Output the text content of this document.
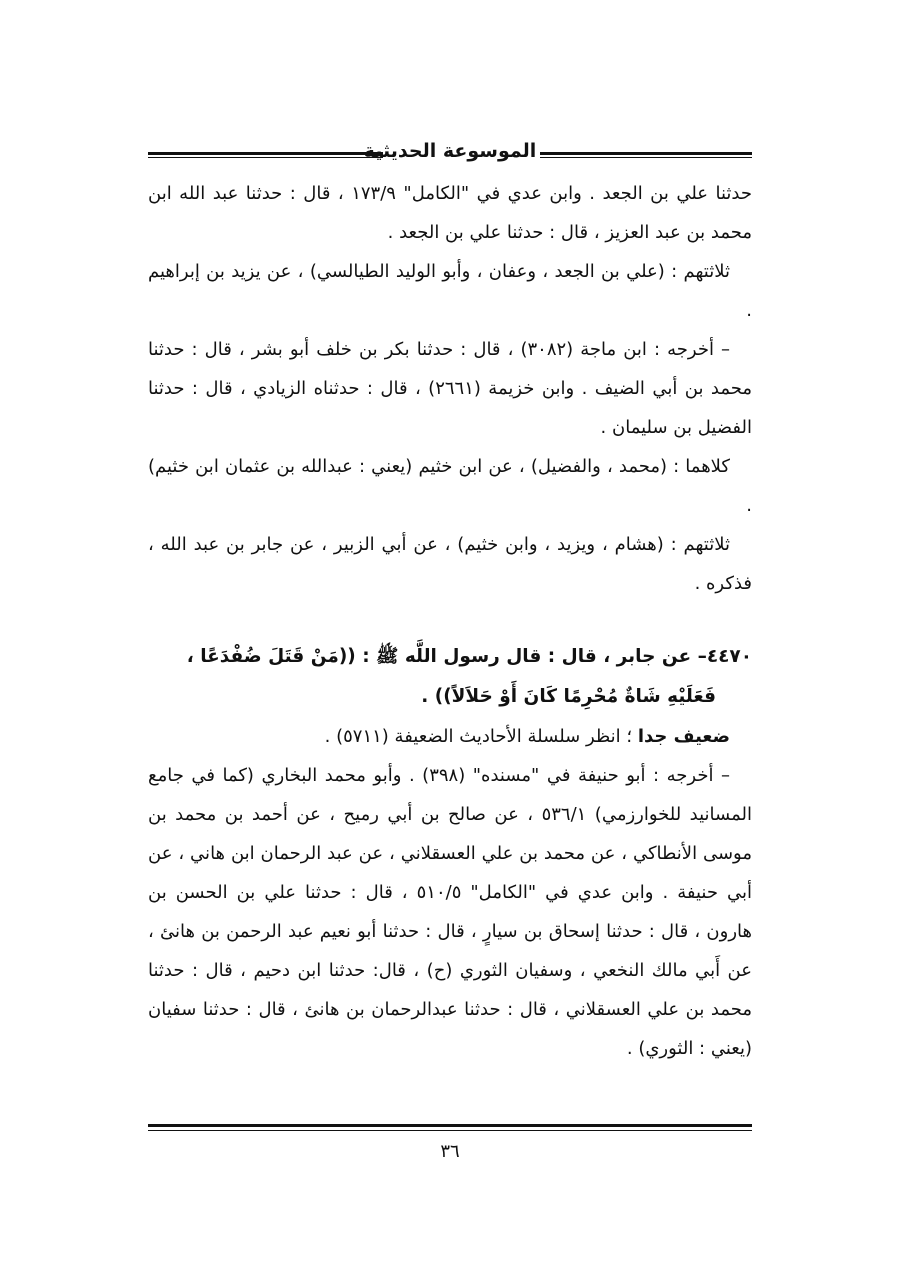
الموسوعة الحديثية

حدثنا علي بن الجعد . وابن عدي في "الكامل" ١٧٣/٩ ، قال : حدثنا عبد الله ابن محمد بن عبد العزيز ، قال : حدثنا علي بن الجعد .

ثلاثتهم : (علي بن الجعد ، وعفان ، وأبو الوليد الطيالسي) ، عن يزيد بن إبراهيم .

– أخرجه : ابن ماجة (٣٠٨٢) ، قال : حدثنا بكر بن خلف أبو بشر ، قال : حدثنا محمد بن أبي الضيف . وابن خزيمة (٢٦٦١) ، قال : حدثناه الزيادي ، قال : حدثنا الفضيل بن سليمان .

كلاهما : (محمد ، والفضيل) ، عن ابن خثيم (يعني : عبدالله بن عثمان ابن خثيم) .

ثلاثتهم : (هشام ، ويزيد ، وابن خثيم) ، عن أبي الزبير ، عن جابر بن عبد الله ، فذكره .

٤٤٧٠– عن جابر ، قال : قال رسول اللَّه ﷺ : ((مَنْ قَتَلَ ضُفْدَعًا ،

فَعَلَيْهِ شَاةٌ مُحْرِمًا كَانَ أَوْ حَلاَلاً)) .

ضعيف جدا ؛ انظر سلسلة الأحاديث الضعيفة (٥٧١١) .

– أخرجه : أبو حنيفة في "مسنده" (٣٩٨) . وأبو محمد البخاري (كما في جامع المسانيد للخوارزمي) ٥٣٦/١ ، عن صالح بن أبي رميح ، عن أحمد بن محمد بن موسى الأنطاكي ، عن محمد بن علي العسقلاني ، عن عبد الرحمان ابن هاني ، عن أبي حنيفة . وابن عدي في "الكامل" ٥١٠/٥ ، قال : حدثنا علي بن الحسن بن هارون ، قال : حدثنا إسحاق بن سيارٍ ، قال : حدثنا أبو نعيم عبد الرحمن بن هانئ ، عن أَبي مالك النخعي ، وسفيان الثوري (ح) ، قال: حدثنا ابن دحيم ، قال : حدثنا محمد بن علي العسقلاني ، قال : حدثنا عبدالرحمان بن هانئ ، قال : حدثنا سفيان (يعني : الثوري) .

٣٦
